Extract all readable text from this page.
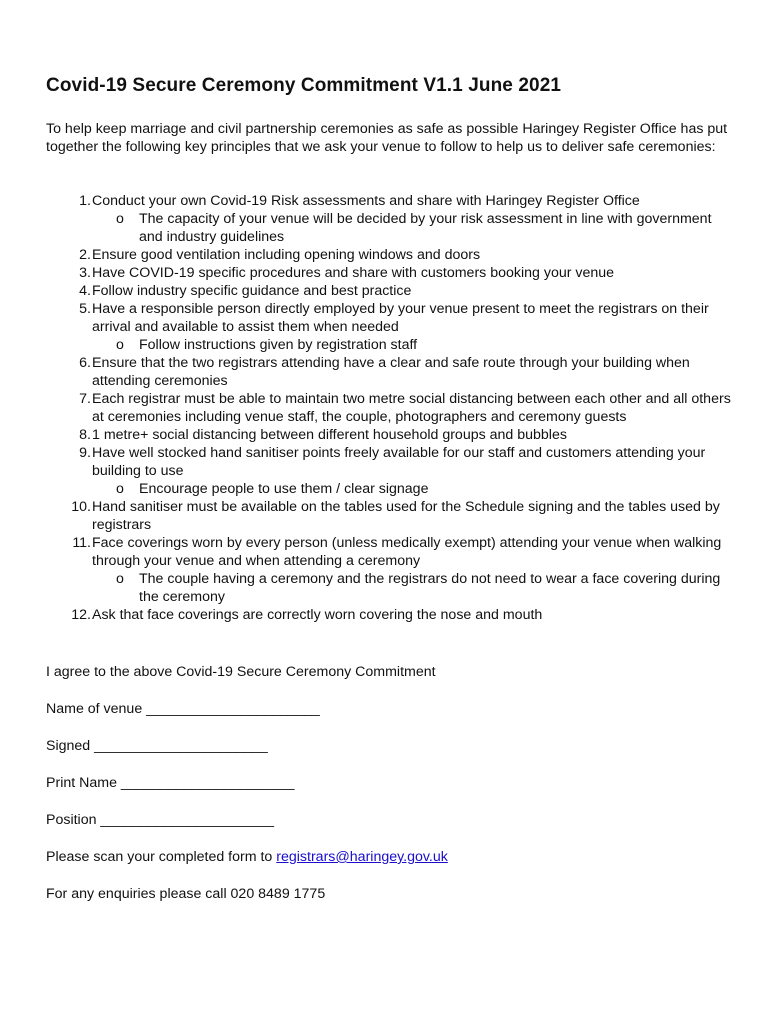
Covid-19 Secure Ceremony Commitment V1.1 June 2021

To help keep marriage and civil partnership ceremonies as safe as possible Haringey Register Office has put together the following key principles that we ask your venue to follow to help us to deliver safe ceremonies:

1. Conduct your own Covid-19 Risk assessments and share with Haringey Register Office
o	The capacity of your venue will be decided by your risk assessment in line with government and industry guidelines
2. Ensure good ventilation including opening windows and doors
3. Have COVID-19 specific procedures and share with customers booking your venue
4. Follow industry specific guidance and best practice
5. Have a responsible person directly employed by your venue present to meet the registrars on their arrival and available to assist them when needed
o	Follow instructions given by registration staff
6. Ensure that the two registrars attending have a clear and safe route through your building when attending ceremonies
7. Each registrar must be able to maintain two metre social distancing between each other and all others at ceremonies including venue staff, the couple, photographers and ceremony guests
8. 1 metre+ social distancing between different household groups and bubbles
9. Have well stocked hand sanitiser points freely available for our staff and customers attending your building to use
o	Encourage people to use them / clear signage
10. Hand sanitiser must be available on the tables used for the Schedule signing and the tables used by registrars
11. Face coverings worn by every person (unless medically exempt) attending your venue when walking through your venue and when attending a ceremony
o	The couple having a ceremony and the registrars do not need to wear a face covering during the ceremony
12. Ask that face coverings are correctly worn covering the nose and mouth

I agree to the above Covid-19 Secure Ceremony Commitment

Name of venue ______________________

Signed ______________________

Print Name ______________________

Position ______________________

Please scan your completed form to registrars@haringey.gov.uk

For any enquiries please call 020 8489 1775
